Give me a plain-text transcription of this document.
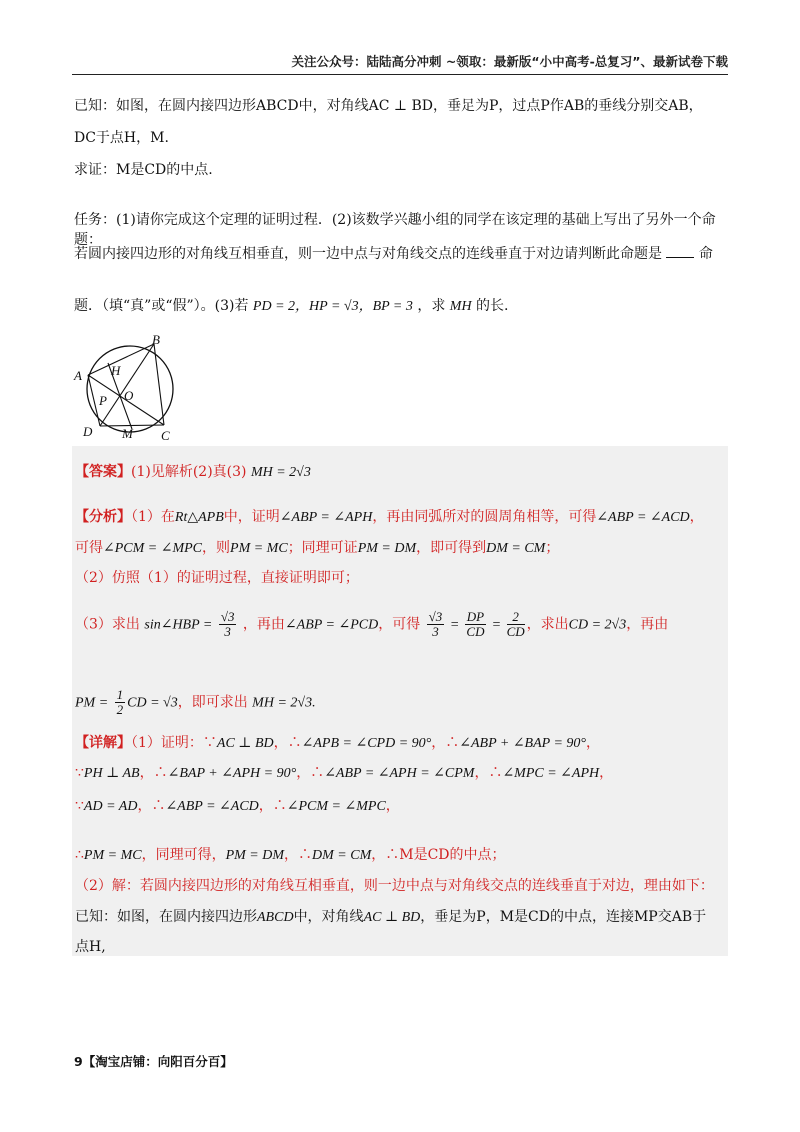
关注公众号：陆陆高分冲刺 ~领取：最新版“小中高考-总复习”、最新试卷下载
已知：如图，在圆内接四边形ABCD中，对角线AC ⊥ BD，垂足为P，过点P作AB的垂线分别交AB，
DC于点H，M.
求证：M是CD的中点.
任务：(1)请你完成这个定理的证明过程．(2)该数学兴趣小组的同学在该定理的基础上写出了另外一个命题：
若圆内接四边形的对角线互相垂直，则一边中点与对角线交点的连线垂直于对边请判断此命题是	命
题．（填“真”或“假”）。(3)若 PD = 2，HP = √3，BP = 3 ，求 MH 的长.
A
B
C
D
H
O
P
M
【答案】(1)见解析(2)真(3) MH = 2√3
【分析】（1）在Rt△APB中，证明∠ABP = ∠APH，再由同弧所对的圆周角相等，可得∠ABP = ∠ACD，
可得∠PCM = ∠MPC，则PM = MC；同理可证PM = DM，即可得到DM = CM；
（2）仿照（1）的证明过程，直接证明即可；
（3）求出 sin∠HBP = $\frac{√3}{3}$ ，再由∠ABP = ∠PCD，可得 $\frac{√3}{3} = \frac{DP}{CD} = \frac{2}{CD}$ ，求出CD = 2√3，再由
PM = $\frac{1}{2}$ CD = √3，即可求出 MH = 2√3.
【详解】（1）证明：∵AC ⊥ BD，∴∠APB = ∠CPD = 90°，∴∠ABP + ∠BAP = 90°，
∵PH ⊥ AB，∴∠BAP + ∠APH = 90°，∴∠ABP = ∠APH = ∠CPM，∴∠MPC = ∠APH，
∵AD = AD，∴∠ABP = ∠ACD，∴∠PCM = ∠MPC，
∴PM = MC，同理可得，PM = DM，∴DM = CM，∴M是CD的中点；
（2）解：若圆内接四边形的对角线互相垂直，则一边中点与对角线交点的连线垂直于对边，理由如下：
已知：如图，在圆内接四边形ABCD中，对角线AC ⊥ BD，垂足为P，M是CD的中点，连接MP交AB于
点H,
9【淘宝店铺：向阳百分百】
